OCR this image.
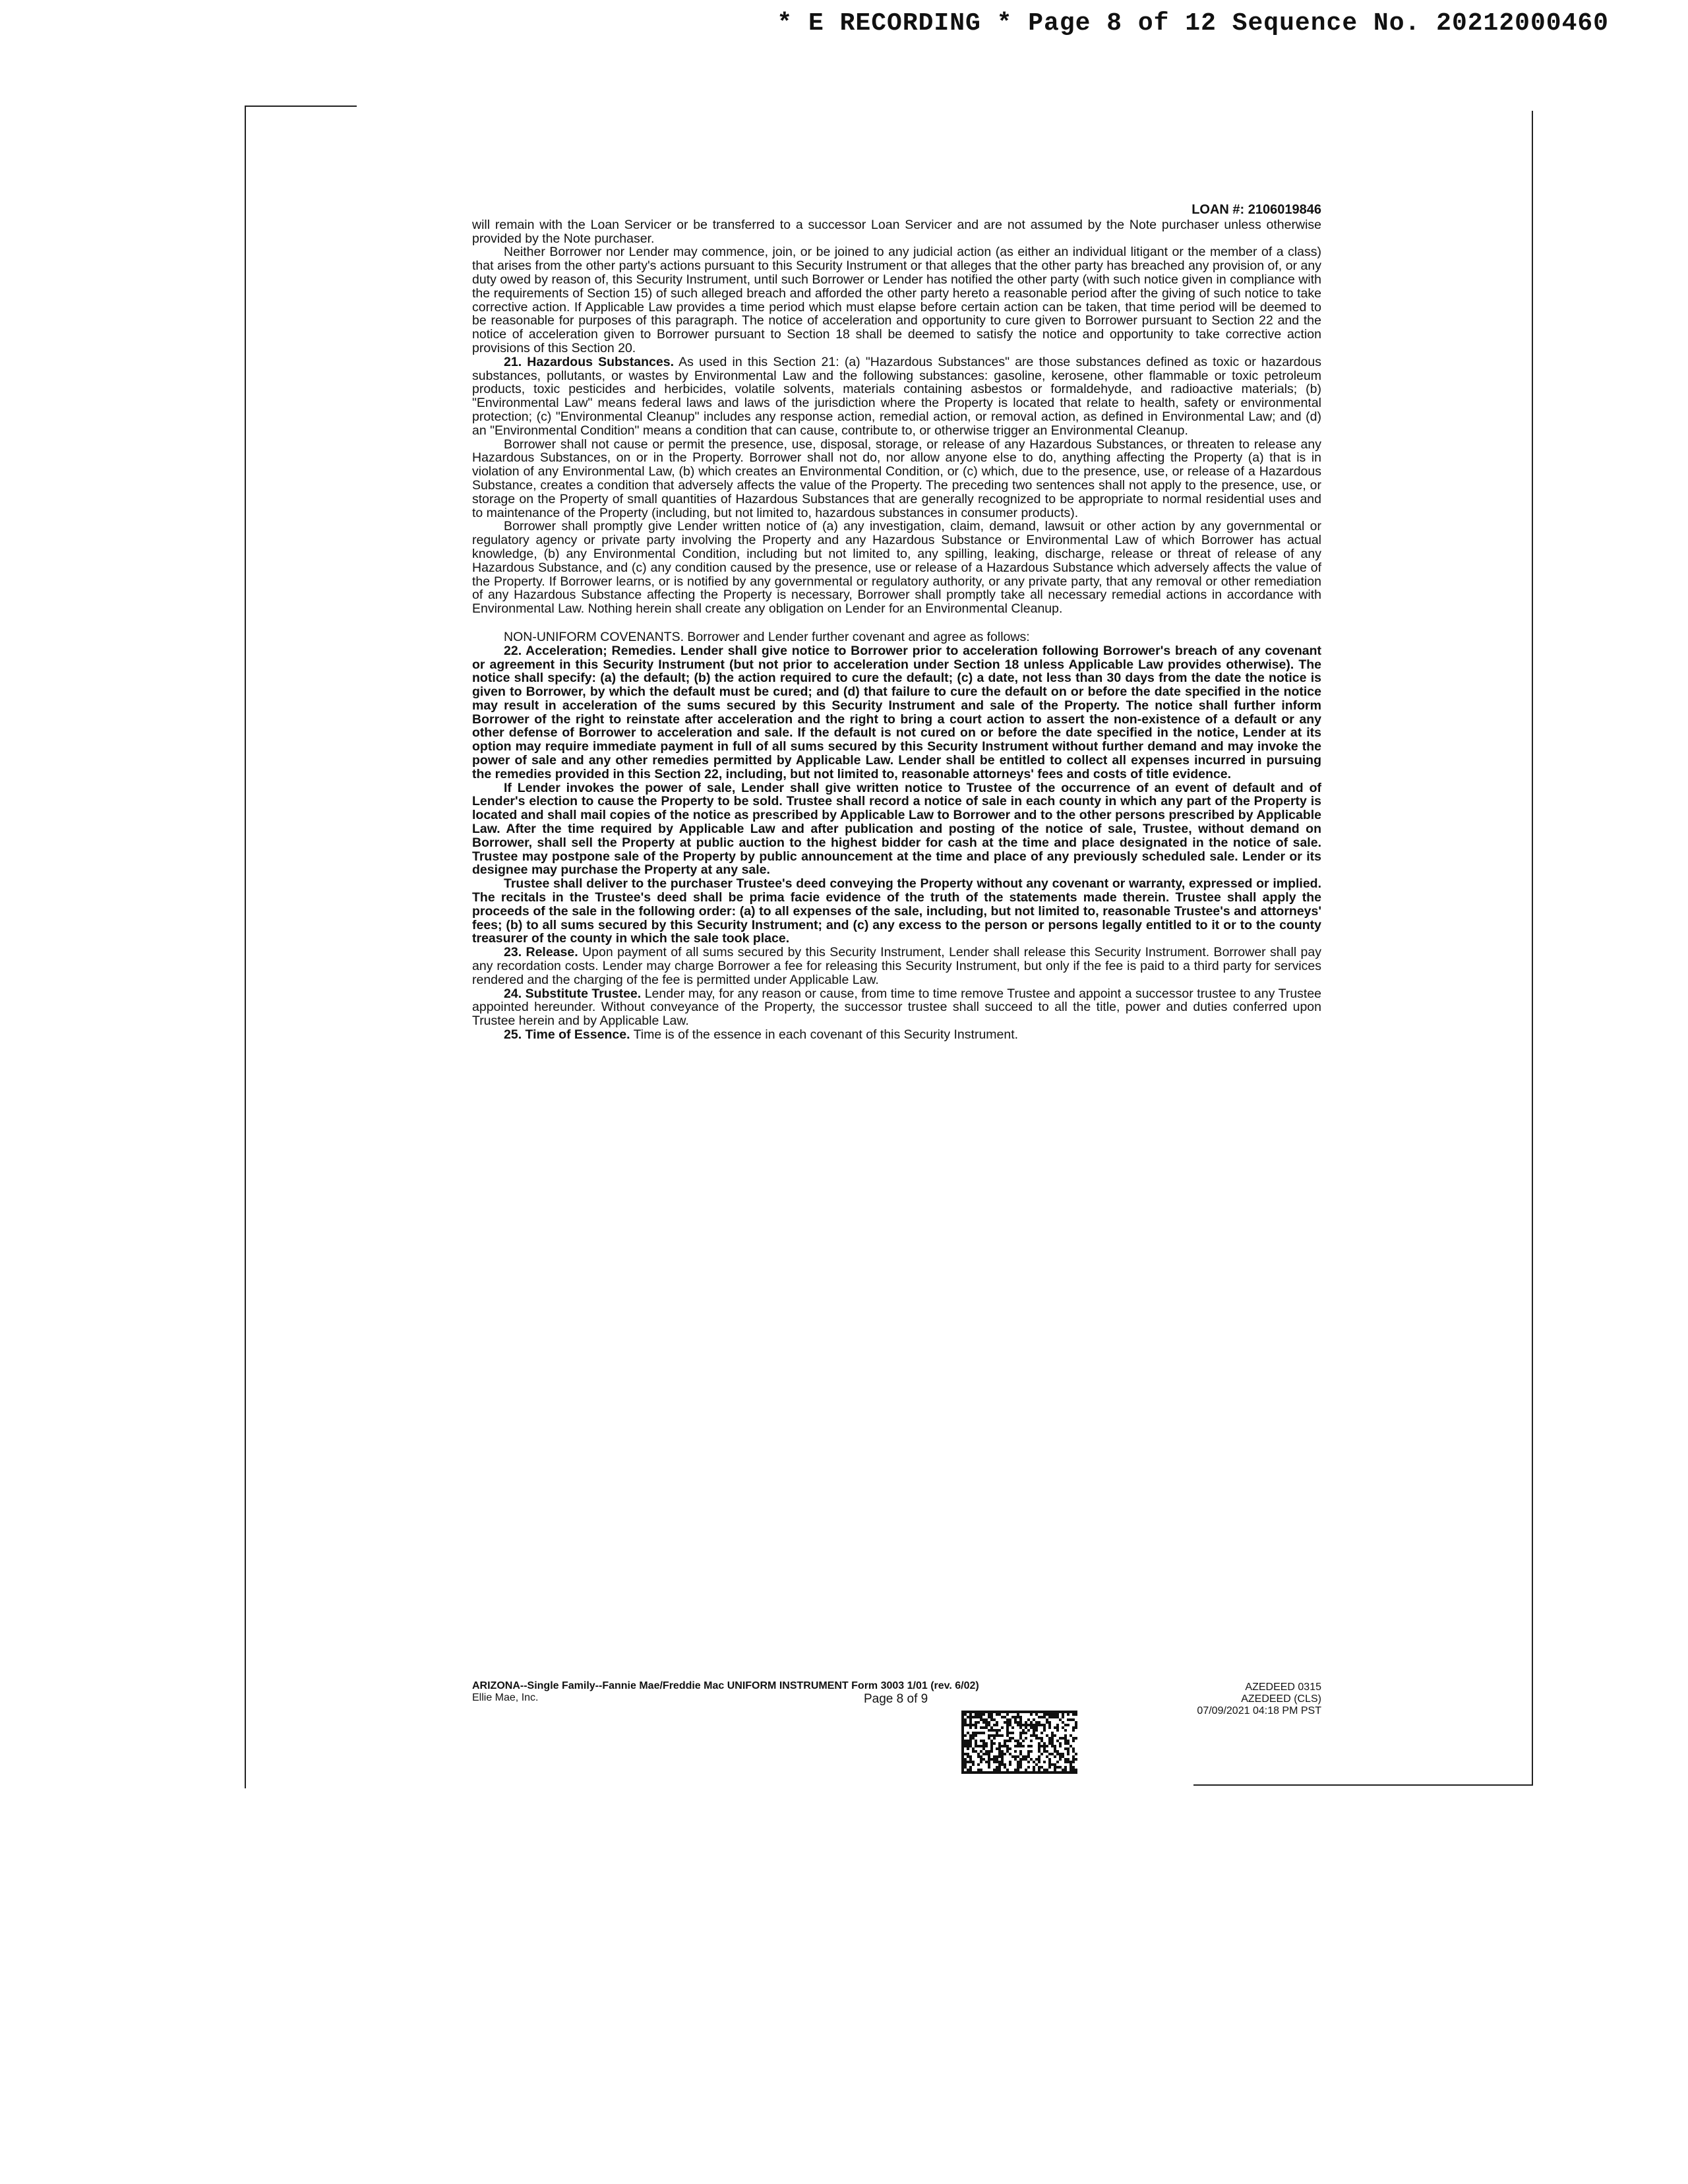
* E RECORDING * Page 8 of 12 Sequence No. 20212000460
LOAN #: 2106019846

will remain with the Loan Servicer or be transferred to a successor Loan Servicer and are not assumed by the Note purchaser unless otherwise provided by the Note purchaser.

Neither Borrower nor Lender may commence, join, or be joined to any judicial action (as either an individual litigant or the member of a class) that arises from the other party's actions pursuant to this Security Instrument or that alleges that the other party has breached any provision of, or any duty owed by reason of, this Security Instrument, until such Borrower or Lender has notified the other party (with such notice given in compliance with the requirements of Section 15) of such alleged breach and afforded the other party hereto a reasonable period after the giving of such notice to take corrective action. If Applicable Law provides a time period which must elapse before certain action can be taken, that time period will be deemed to be reasonable for purposes of this paragraph. The notice of acceleration and opportunity to cure given to Borrower pursuant to Section 22 and the notice of acceleration given to Borrower pursuant to Section 18 shall be deemed to satisfy the notice and opportunity to take corrective action provisions of this Section 20.

21. Hazardous Substances. As used in this Section 21: (a) "Hazardous Substances" are those substances defined as toxic or hazardous substances, pollutants, or wastes by Environmental Law and the following substances: gasoline, kerosene, other flammable or toxic petroleum products, toxic pesticides and herbicides, volatile solvents, materials containing asbestos or formaldehyde, and radioactive materials; (b) "Environmental Law" means federal laws and laws of the jurisdiction where the Property is located that relate to health, safety or environmental protection; (c) "Environmental Cleanup" includes any response action, remedial action, or removal action, as defined in Environmental Law; and (d) an "Environmental Condition" means a condition that can cause, contribute to, or otherwise trigger an Environmental Cleanup.

Borrower shall not cause or permit the presence, use, disposal, storage, or release of any Hazardous Substances, or threaten to release any Hazardous Substances, on or in the Property. Borrower shall not do, nor allow anyone else to do, anything affecting the Property (a) that is in violation of any Environmental Law, (b) which creates an Environmental Condition, or (c) which, due to the presence, use, or release of a Hazardous Substance, creates a condition that adversely affects the value of the Property. The preceding two sentences shall not apply to the presence, use, or storage on the Property of small quantities of Hazardous Substances that are generally recognized to be appropriate to normal residential uses and to maintenance of the Property (including, but not limited to, hazardous substances in consumer products).

Borrower shall promptly give Lender written notice of (a) any investigation, claim, demand, lawsuit or other action by any governmental or regulatory agency or private party involving the Property and any Hazardous Substance or Environmental Law of which Borrower has actual knowledge, (b) any Environmental Condition, including but not limited to, any spilling, leaking, discharge, release or threat of release of any Hazardous Substance, and (c) any condition caused by the presence, use or release of a Hazardous Substance which adversely affects the value of the Property. If Borrower learns, or is notified by any governmental or regulatory authority, or any private party, that any removal or other remediation of any Hazardous Substance affecting the Property is necessary, Borrower shall promptly take all necessary remedial actions in accordance with Environmental Law. Nothing herein shall create any obligation on Lender for an Environmental Cleanup.

NON-UNIFORM COVENANTS. Borrower and Lender further covenant and agree as follows:

22. Acceleration; Remedies. Lender shall give notice to Borrower prior to acceleration following Borrower's breach of any covenant or agreement in this Security Instrument (but not prior to acceleration under Section 18 unless Applicable Law provides otherwise). The notice shall specify: (a) the default; (b) the action required to cure the default; (c) a date, not less than 30 days from the date the notice is given to Borrower, by which the default must be cured; and (d) that failure to cure the default on or before the date specified in the notice may result in acceleration of the sums secured by this Security Instrument and sale of the Property. The notice shall further inform Borrower of the right to reinstate after acceleration and the right to bring a court action to assert the non-existence of a default or any other defense of Borrower to acceleration and sale. If the default is not cured on or before the date specified in the notice, Lender at its option may require immediate payment in full of all sums secured by this Security Instrument without further demand and may invoke the power of sale and any other remedies permitted by Applicable Law. Lender shall be entitled to collect all expenses incurred in pursuing the remedies provided in this Section 22, including, but not limited to, reasonable attorneys' fees and costs of title evidence.

If Lender invokes the power of sale, Lender shall give written notice to Trustee of the occurrence of an event of default and of Lender's election to cause the Property to be sold. Trustee shall record a notice of sale in each county in which any part of the Property is located and shall mail copies of the notice as prescribed by Applicable Law to Borrower and to the other persons prescribed by Applicable Law. After the time required by Applicable Law and after publication and posting of the notice of sale, Trustee, without demand on Borrower, shall sell the Property at public auction to the highest bidder for cash at the time and place designated in the notice of sale. Trustee may postpone sale of the Property by public announcement at the time and place of any previously scheduled sale. Lender or its designee may purchase the Property at any sale.

Trustee shall deliver to the purchaser Trustee's deed conveying the Property without any covenant or warranty, expressed or implied. The recitals in the Trustee's deed shall be prima facie evidence of the truth of the statements made therein. Trustee shall apply the proceeds of the sale in the following order: (a) to all expenses of the sale, including, but not limited to, reasonable Trustee's and attorneys' fees; (b) to all sums secured by this Security Instrument; and (c) any excess to the person or persons legally entitled to it or to the county treasurer of the county in which the sale took place.

23. Release. Upon payment of all sums secured by this Security Instrument, Lender shall release this Security Instrument. Borrower shall pay any recordation costs. Lender may charge Borrower a fee for releasing this Security Instrument, but only if the fee is paid to a third party for services rendered and the charging of the fee is permitted under Applicable Law.

24. Substitute Trustee. Lender may, for any reason or cause, from time to time remove Trustee and appoint a successor trustee to any Trustee appointed hereunder. Without conveyance of the Property, the successor trustee shall succeed to all the title, power and duties conferred upon Trustee herein and by Applicable Law.

25. Time of Essence. Time is of the essence in each covenant of this Security Instrument.

ARIZONA--Single Family--Fannie Mae/Freddie Mac UNIFORM INSTRUMENT Form 3003 1/01 (rev. 6/02)
Ellie Mae, Inc.	Page 8 of 9
AZEDEED 0315
AZEDEED (CLS)
07/09/2021 04:18 PM PST
